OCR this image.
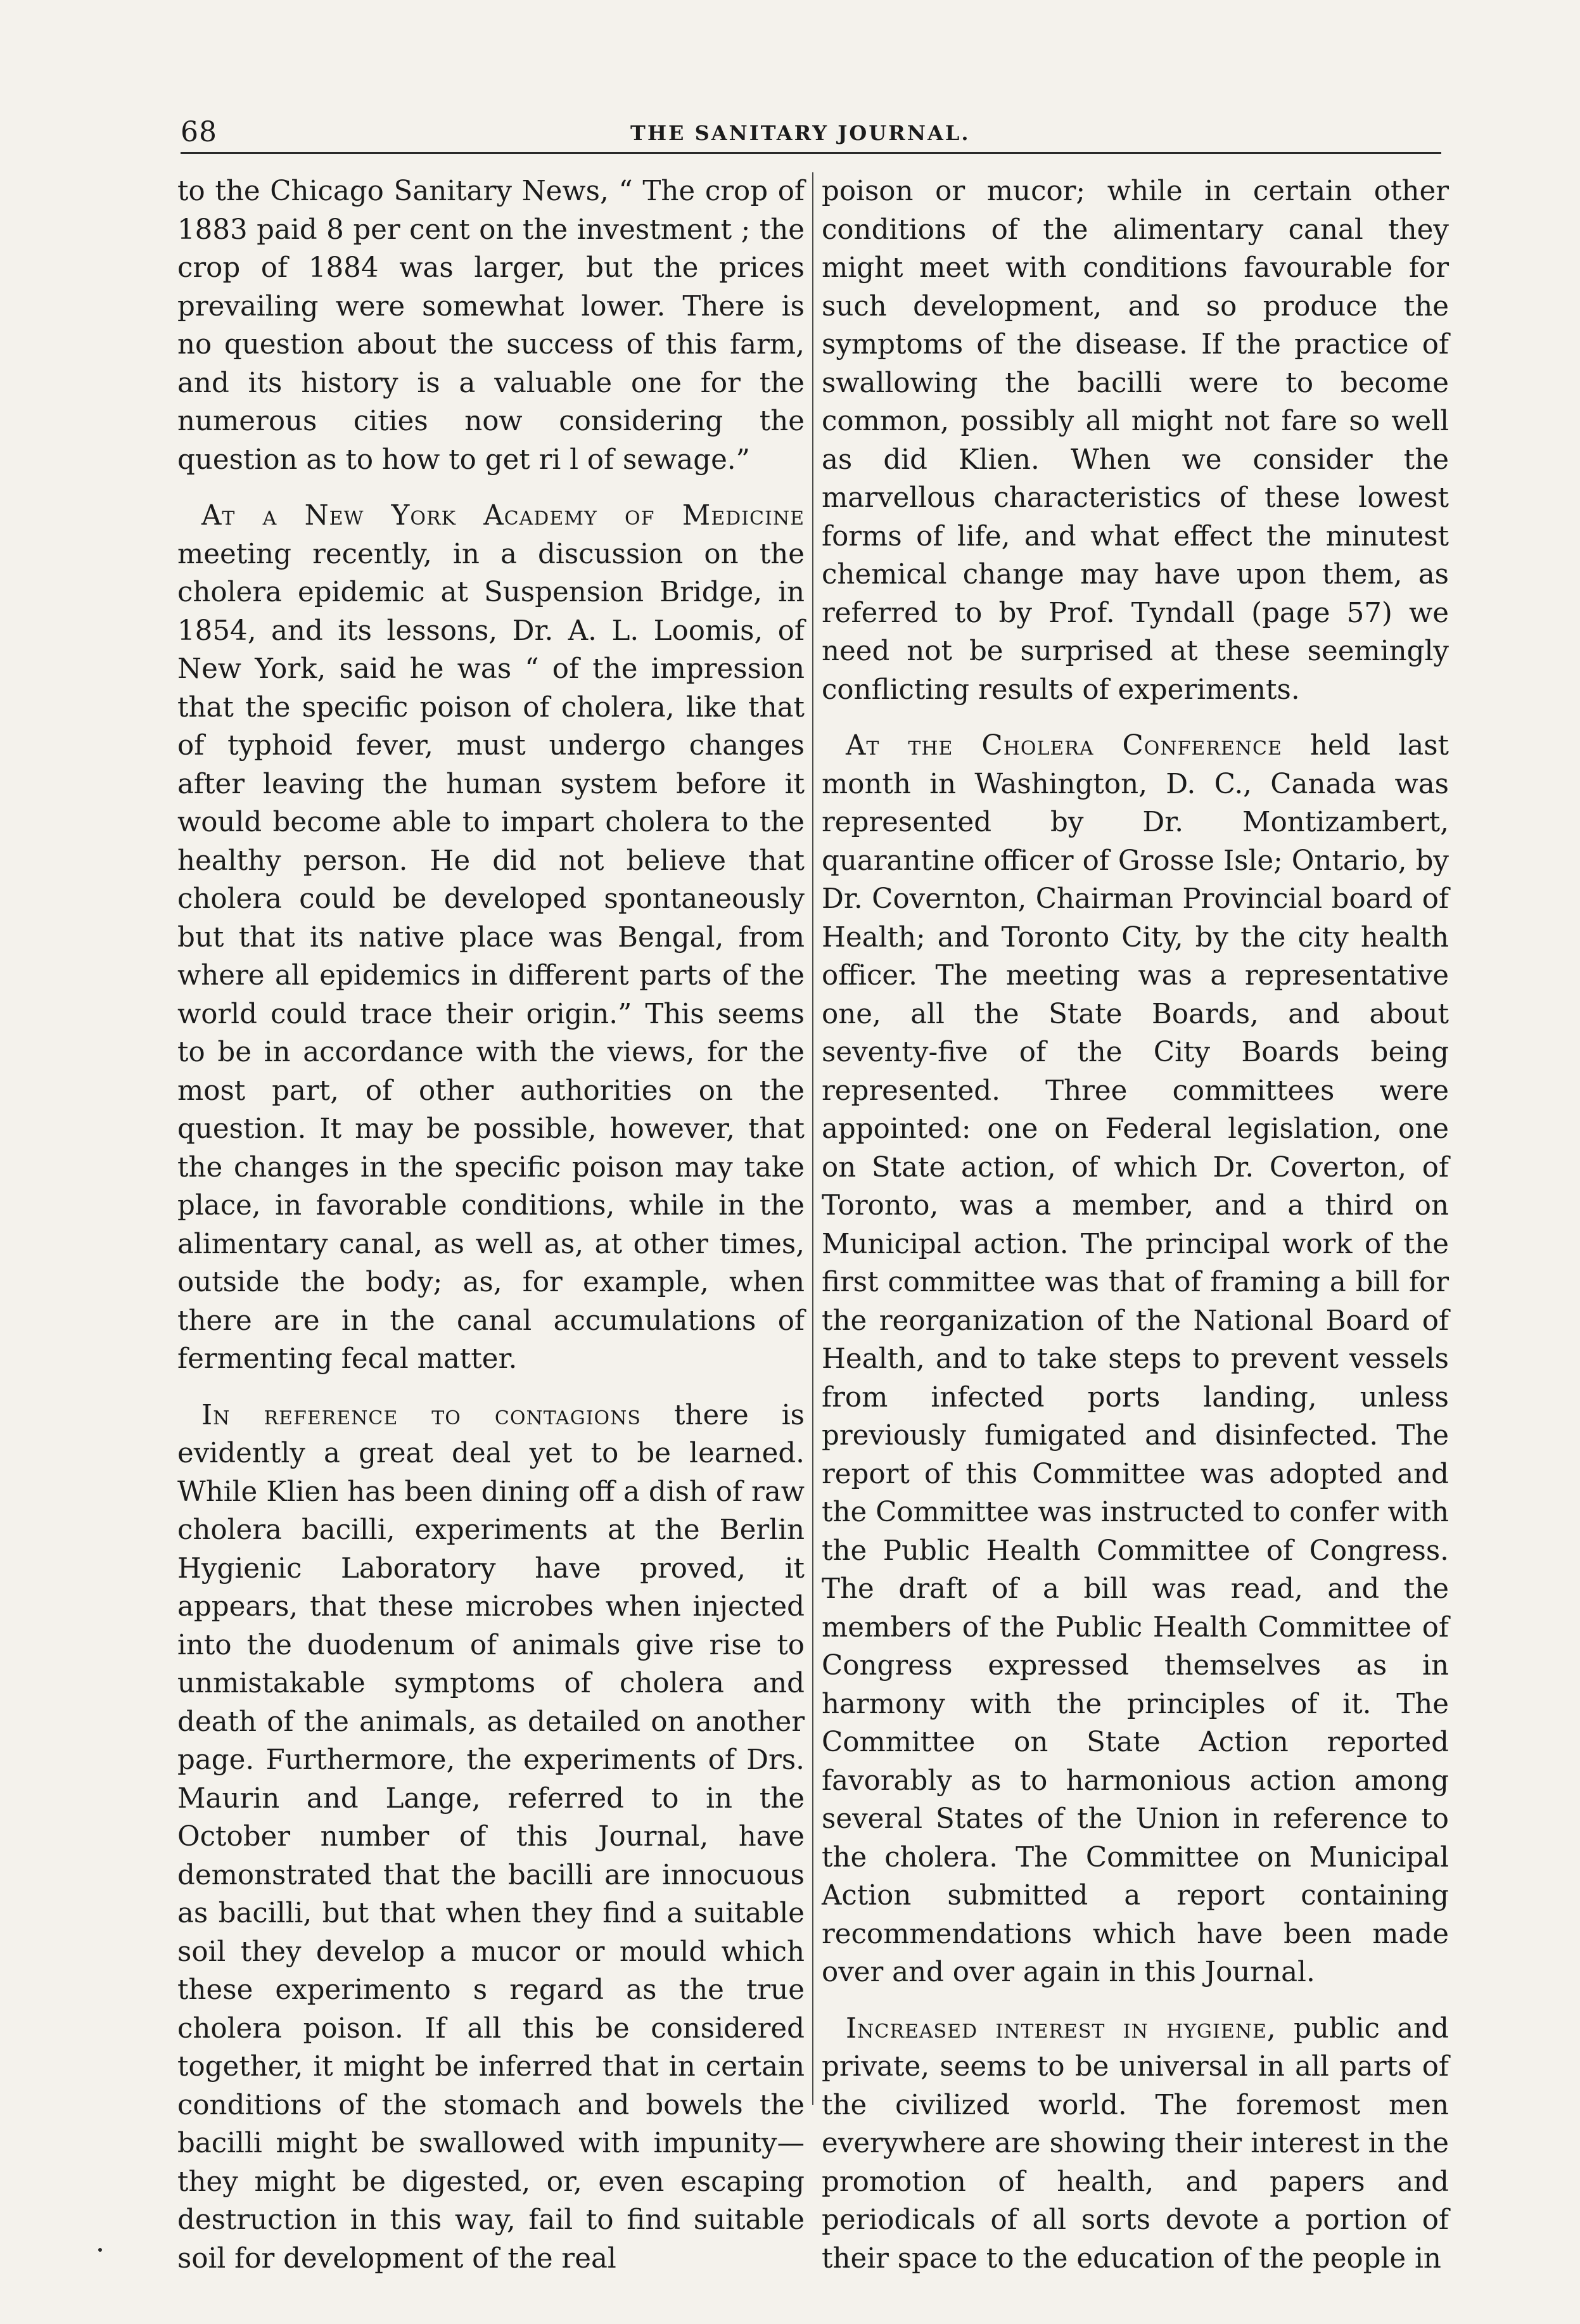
68	THE SANITARY JOURNAL.

to the Chicago Sanitary News, “ The crop of 1883 paid 8 per cent on the investment ; the crop of 1884 was larger, but the prices prevailing were somewhat lower. There is no question about the success of this farm, and its history is a valuable one for the numerous cities now considering the question as to how to get ri l of sewage.”

At a New York Academy of Medicine meeting recently, in a discussion on the cholera epidemic at Suspension Bridge, in 1854, and its lessons, Dr. A. L. Loomis, of New York, said he was “ of the impression that the specific poison of cholera, like that of typhoid fever, must undergo changes after leaving the human system before it would become able to impart cholera to the healthy person. He did not believe that cholera could be developed spontaneously but that its native place was Bengal, from where all epidemics in different parts of the world could trace their origin.” This seems to be in accordance with the views, for the most part, of other authorities on the question. It may be possible, however, that the changes in the specific poison may take place, in favorable conditions, while in the alimentary canal, as well as, at other times, outside the body; as, for example, when there are in the canal accumulations of fermenting fecal matter.

In reference to contagions there is evidently a great deal yet to be learned. While Klien has been dining off a dish of raw cholera bacilli, experiments at the Berlin Hygienic Laboratory have proved, it appears, that these microbes when injected into the duodenum of animals give rise to unmistakable symptoms of cholera and death of the animals, as detailed on another page. Furthermore, the experiments of Drs. Maurin and Lange, referred to in the October number of this Journal, have demonstrated that the bacilli are innocuous as bacilli, but that when they find a suitable soil they develop a mucor or mould which these experimento s regard as the true cholera poison. If all this be considered together, it might be inferred that in certain conditions of the stomach and bowels the bacilli might be swallowed with impunity—they might be digested, or, even escaping destruction in this way, fail to find suitable soil for development of the real

poison or mucor; while in certain other conditions of the alimentary canal they might meet with conditions favourable for such development, and so produce the symptoms of the disease. If the practice of swallowing the bacilli were to become common, possibly all might not fare so well as did Klien. When we consider the marvellous characteristics of these lowest forms of life, and what effect the minutest chemical change may have upon them, as referred to by Prof. Tyndall (page 57) we need not be surprised at these seemingly conflicting results of experiments.

At the Cholera Conference held last month in Washington, D. C., Canada was represented by Dr. Montizambert, quarantine officer of Grosse Isle; Ontario, by Dr. Covernton, Chairman Provincial board of Health; and Toronto City, by the city health officer. The meeting was a representative one, all the State Boards, and about seventy-five of the City Boards being represented. Three committees were appointed: one on Federal legislation, one on State action, of which Dr. Coverton, of Toronto, was a member, and a third on Municipal action. The principal work of the first committee was that of framing a bill for the reorganization of the National Board of Health, and to take steps to prevent vessels from infected ports landing, unless previously fumigated and disinfected. The report of this Committee was adopted and the Committee was instructed to confer with the Public Health Committee of Congress. The draft of a bill was read, and the members of the Public Health Committee of Congress expressed themselves as in harmony with the principles of it. The Committee on State Action reported favorably as to harmonious action among several States of the Union in reference to the cholera. The Committee on Municipal Action submitted a report containing recommendations which have been made over and over again in this Journal.

Increased interest in hygiene, public and private, seems to be universal in all parts of the civilized world. The foremost men everywhere are showing their interest in the promotion of health, and papers and periodicals of all sorts devote a portion of their space to the education of the people in
